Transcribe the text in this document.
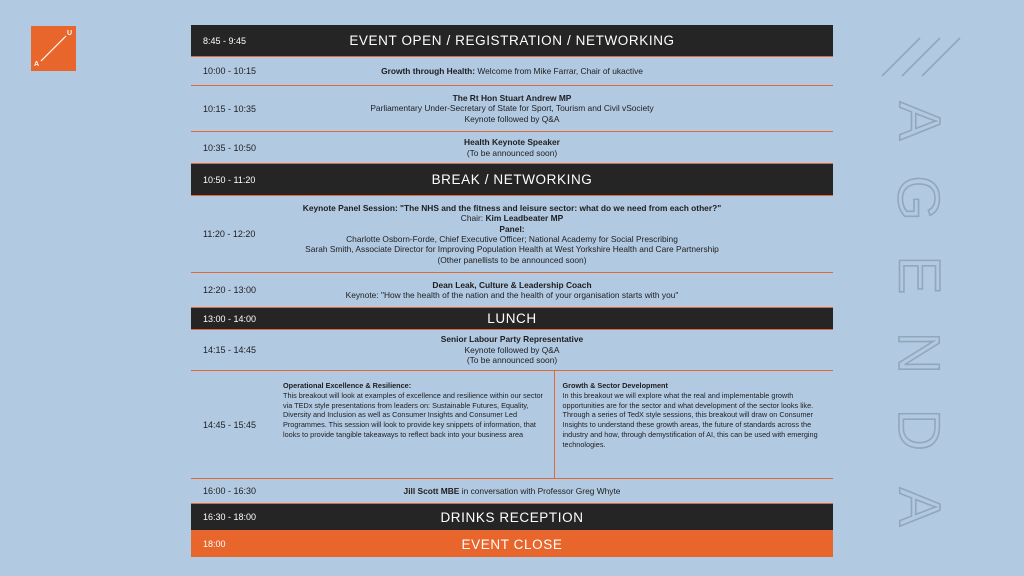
U
A
A
G
E
N
D
A
8:45 - 9:45	EVENT OPEN / REGISTRATION / NETWORKING
10:00 - 10:15	Growth through Health: Welcome from Mike Farrar, Chair of ukactive
10:15 - 10:35
The Rt Hon Stuart Andrew MP
Parliamentary Under-Secretary of State for Sport, Tourism and Civil vSociety
Keynote followed by Q&A
10:35 - 10:50
Health Keynote Speaker
(To be announced soon)
10:50 - 11:20	BREAK / NETWORKING
11:20 - 12:20
Keynote Panel Session: "The NHS and the fitness and leisure sector: what do we need from each other?"
Chair: Kim Leadbeater MP
Panel:
Charlotte Osborn-Forde, Chief Executive Officer; National Academy for Social Prescribing
Sarah Smith, Associate Director for Improving Population Health at West Yorkshire Health and Care Partnership
(Other panellists to be announced soon)
12:20 - 13:00
Dean Leak, Culture & Leadership Coach
Keynote: "How the health of the nation and the health of your organisation starts with you"
13:00 - 14:00	LUNCH
14:15 - 14:45
Senior Labour Party Representative
Keynote followed by Q&A
(To be announced soon)
14:45 - 15:45
Operational Excellence & Resilience:
This breakout will look at examples of excellence and resilience within our sector via TEDx style presentations from leaders on: Sustainable Futures, Equality, Diversity and Inclusion as well as Consumer Insights and Consumer Led Programmes. This session will look to provide key snippets of information, that looks to provide tangible takeaways to reflect back into your business area
Growth & Sector Development
In this breakout we will explore what the real and implementable growth opportunities are for the sector and what development of the sector looks like. Through a series of TedX style sessions, this breakout will draw on Consumer Insights to understand these growth areas, the future of standards across the industry and how, through demystification of AI, this can be used with emerging technologies.
16:00 - 16:30	Jill Scott MBE in conversation with Professor Greg Whyte
16:30 - 18:00	DRINKS RECEPTION
18:00	EVENT CLOSE
